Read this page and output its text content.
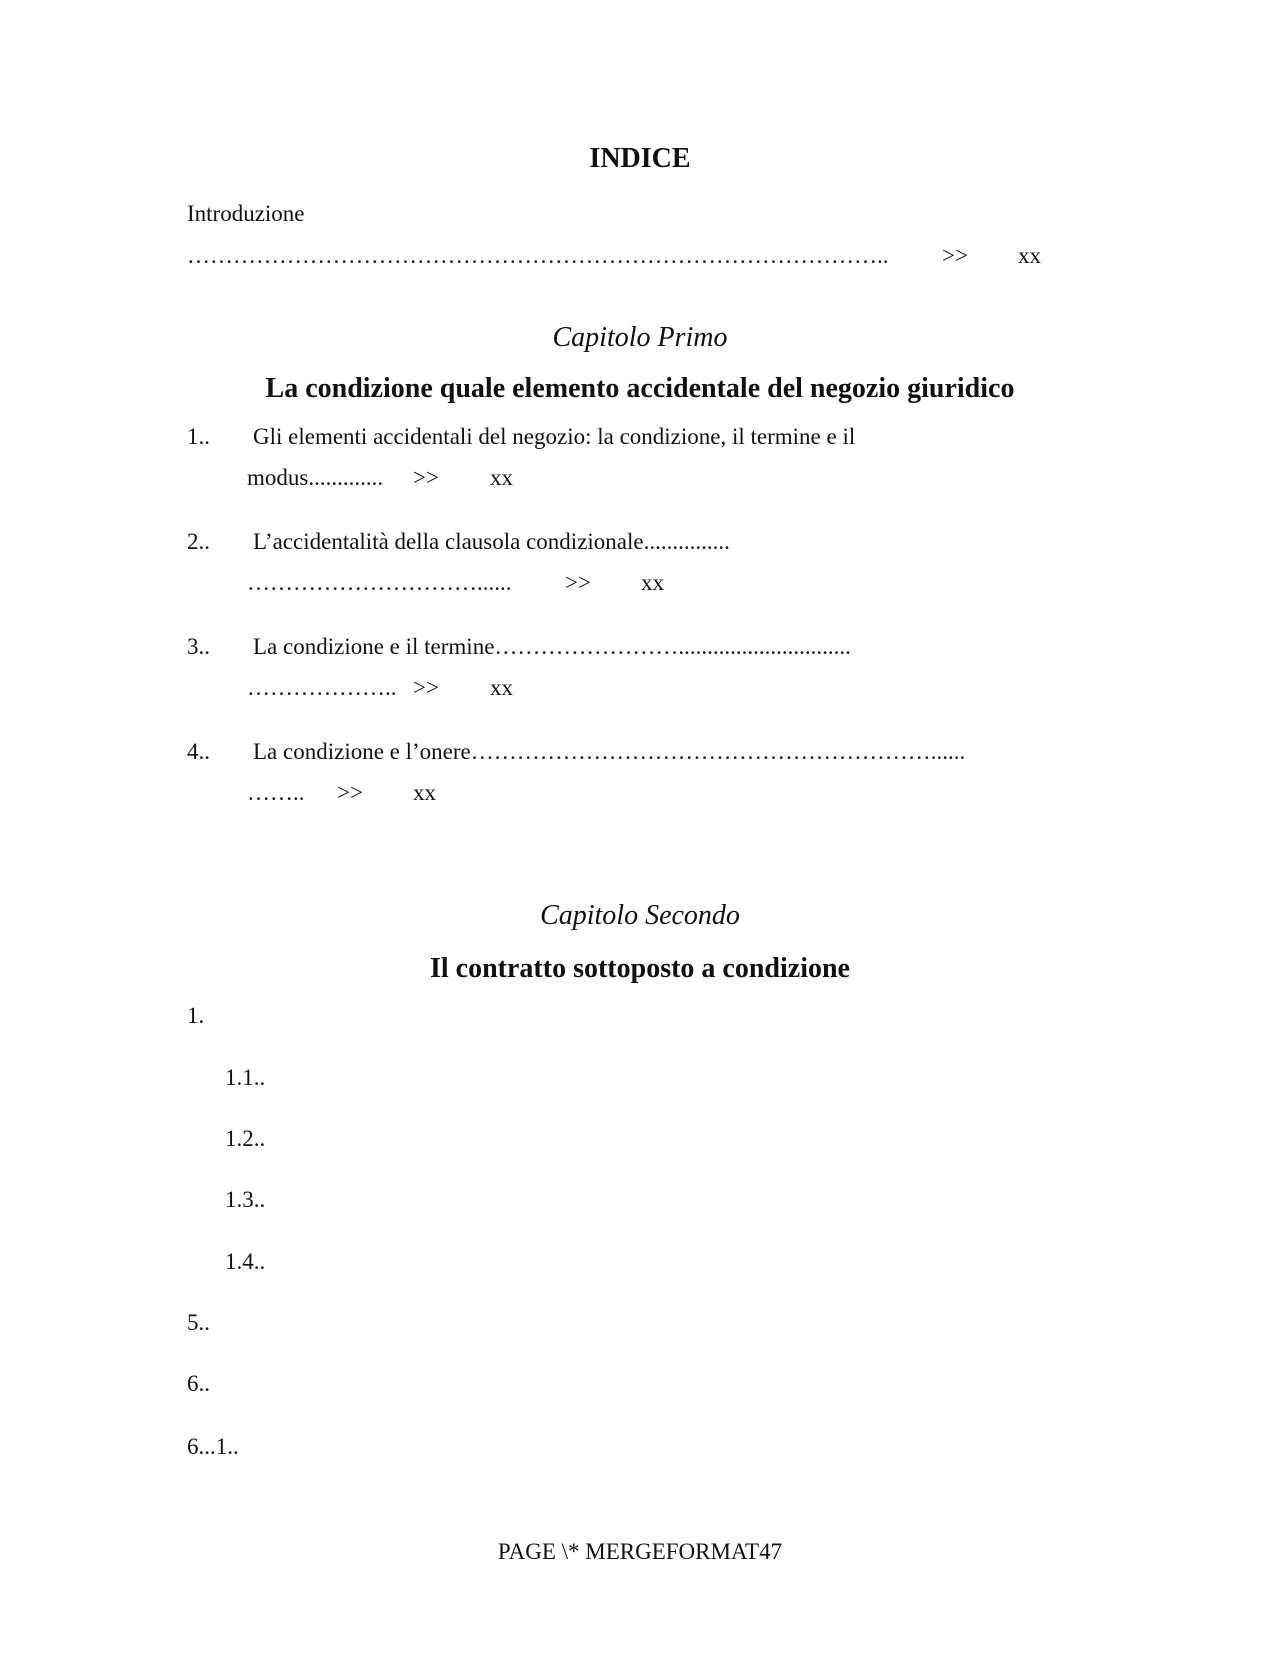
INDICE
Introduzione
……………………………………………………………………………….. >> xx
Capitolo Primo
La condizione quale elemento accidentale del negozio giuridico
1.. Gli elementi accidentali del negozio: la condizione, il termine e il
modus............. >> xx
2.. L’accidentalità della clausola condizionale...............
…………………………...... >> xx
3.. La condizione e il termine……………………..............................
……………….. >> xx
4.. La condizione e l’onere……………………………………………………......
…….. >> xx
Capitolo Secondo
Il contratto sottoposto a condizione
1.
1.1..
1.2..
1.3..
1.4..
5..
6..
6...1..
PAGE \* MERGEFORMAT47
